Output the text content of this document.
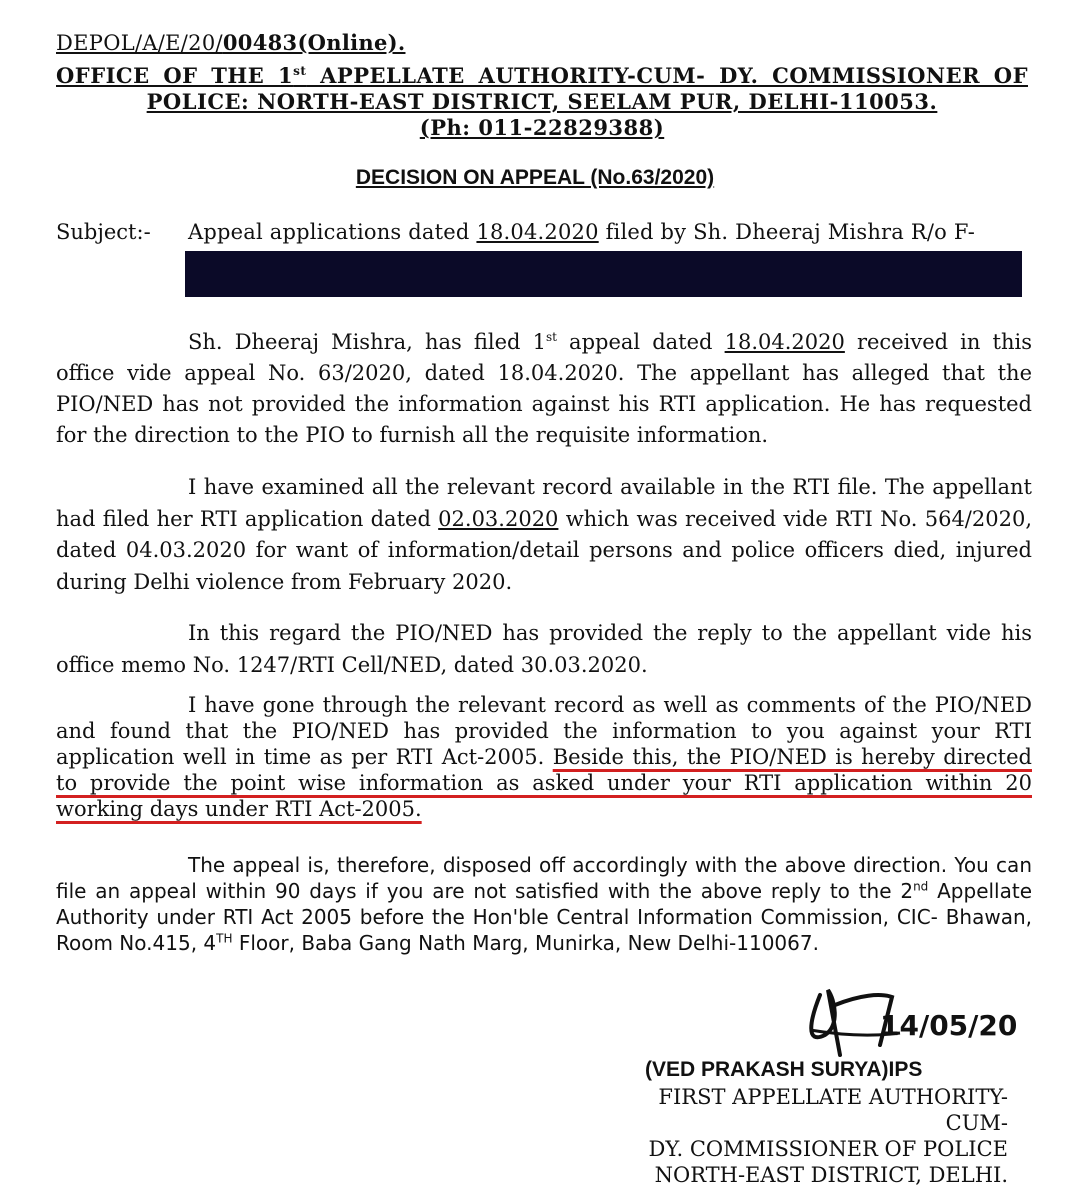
DEPOL/A/E/20/00483(Online).
OFFICE OF THE 1st APPELLATE AUTHORITY-CUM- DY. COMMISSIONER OF
POLICE: NORTH-EAST DISTRICT, SEELAM PUR, DELHI-110053.
(Ph: 011-22829388)
DECISION ON APPEAL (No.63/2020)
Subject:- Appeal applications dated 18.04.2020 filed by Sh. Dheeraj Mishra R/o F-
Sh. Dheeraj Mishra, has filed 1st appeal dated 18.04.2020 received in this office vide appeal No. 63/2020, dated 18.04.2020. The appellant has alleged that the PIO/NED has not provided the information against his RTI application. He has requested for the direction to the PIO to furnish all the requisite information.
I have examined all the relevant record available in the RTI file. The appellant had filed her RTI application dated 02.03.2020 which was received vide RTI No. 564/2020, dated 04.03.2020 for want of information/detail persons and police officers died, injured during Delhi violence from February 2020.
In this regard the PIO/NED has provided the reply to the appellant vide his office memo No. 1247/RTI Cell/NED, dated 30.03.2020.
I have gone through the relevant record as well as comments of the PIO/NED and found that the PIO/NED has provided the information to you against your RTI application well in time as per RTI Act-2005. Beside this, the PIO/NED is hereby directed to provide the point wise information as asked under your RTI application within 20 working days under RTI Act-2005.
The appeal is, therefore, disposed off accordingly with the above direction. You can file an appeal within 90 days if you are not satisfied with the above reply to the 2nd Appellate Authority under RTI Act 2005 before the Hon'ble Central Information Commission, CIC- Bhawan, Room No.415, 4TH Floor, Baba Gang Nath Marg, Munirka, New Delhi-110067.
14/05/20
(VED PRAKASH SURYA)IPS
FIRST APPELLATE AUTHORITY-CUM-
DY. COMMISSIONER OF POLICE
NORTH-EAST DISTRICT, DELHI.
